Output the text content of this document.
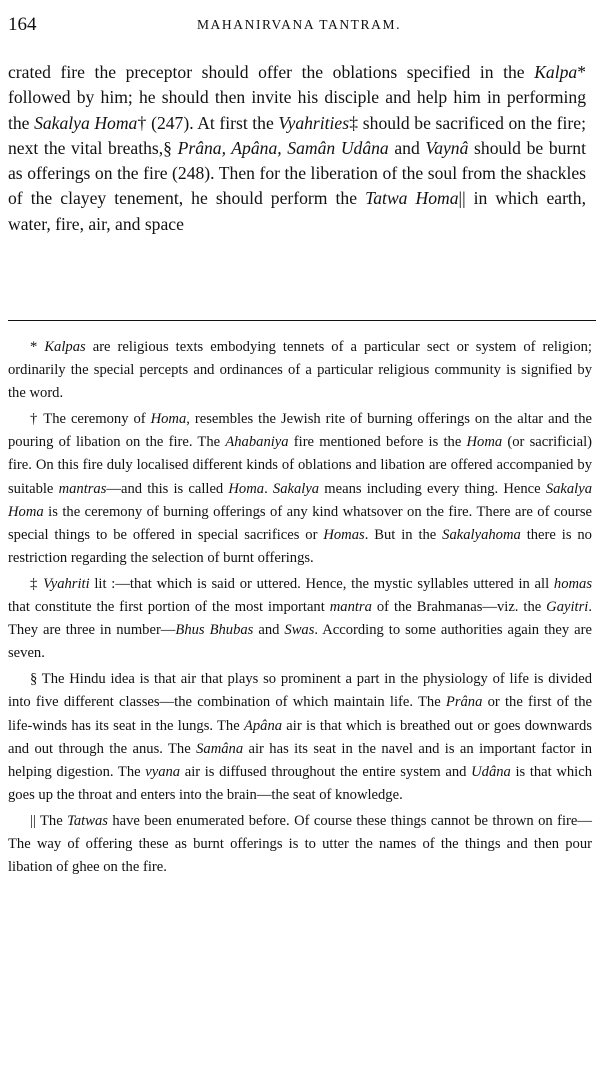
164	MAHANIRVANA TANTRAM.

crated fire the preceptor should offer the oblations specified in the Kalpa* followed by him; he should then invite his disciple and help him in performing the Sakalya Homa† (247). At first the Vyahrities‡ should be sacrificed on the fire; next the vital breaths,§ Prâna, Apâna, Samân Udâna and Vaynâ should be burnt as offerings on the fire (248). Then for the liberation of the soul from the shackles of the clayey tenement, he should perform the Tatwa Homa|| in which earth, water, fire, air, and space

* Kalpas are religious texts embodying tennets of a particular sect or system of religion; ordinarily the special percepts and ordinances of a particular religious community is signified by the word.

† The ceremony of Homa, resembles the Jewish rite of burning offerings on the altar and the pouring of libation on the fire. The Ahabaniya fire mentioned before is the Homa (or sacrificial) fire. On this fire duly localised different kinds of oblations and libation are offered accompanied by suitable mantras—and this is called Homa. Sakalya means including every thing. Hence Sakalya Homa is the ceremony of burning offerings of any kind whatsover on the fire. There are of course special things to be offered in special sacrifices or Homas. But in the Sakalyahoma there is no restriction regarding the selection of burnt offerings.

‡ Vyahriti lit :—that which is said or uttered. Hence, the mystic syllables uttered in all homas that constitute the first portion of the most important mantra of the Brahmanas—viz. the Gayitri. They are three in number—Bhus Bhubas and Swas. According to some authorities again they are seven.

§ The Hindu idea is that air that plays so prominent a part in the physiology of life is divided into five different classes—the combination of which maintain life. The Prâna or the first of the life-winds has its seat in the lungs. The Apâna air is that which is breathed out or goes downwards and out through the anus. The Samâna air has its seat in the navel and is an important factor in helping digestion. The vyana air is diffused throughout the entire system and Udâna is that which goes up the throat and enters into the brain—the seat of knowledge.

|| The Tatwas have been enumerated before. Of course these things cannot be thrown on fire—The way of offering these as burnt offerings is to utter the names of the things and then pour libation of ghee on the fire.
